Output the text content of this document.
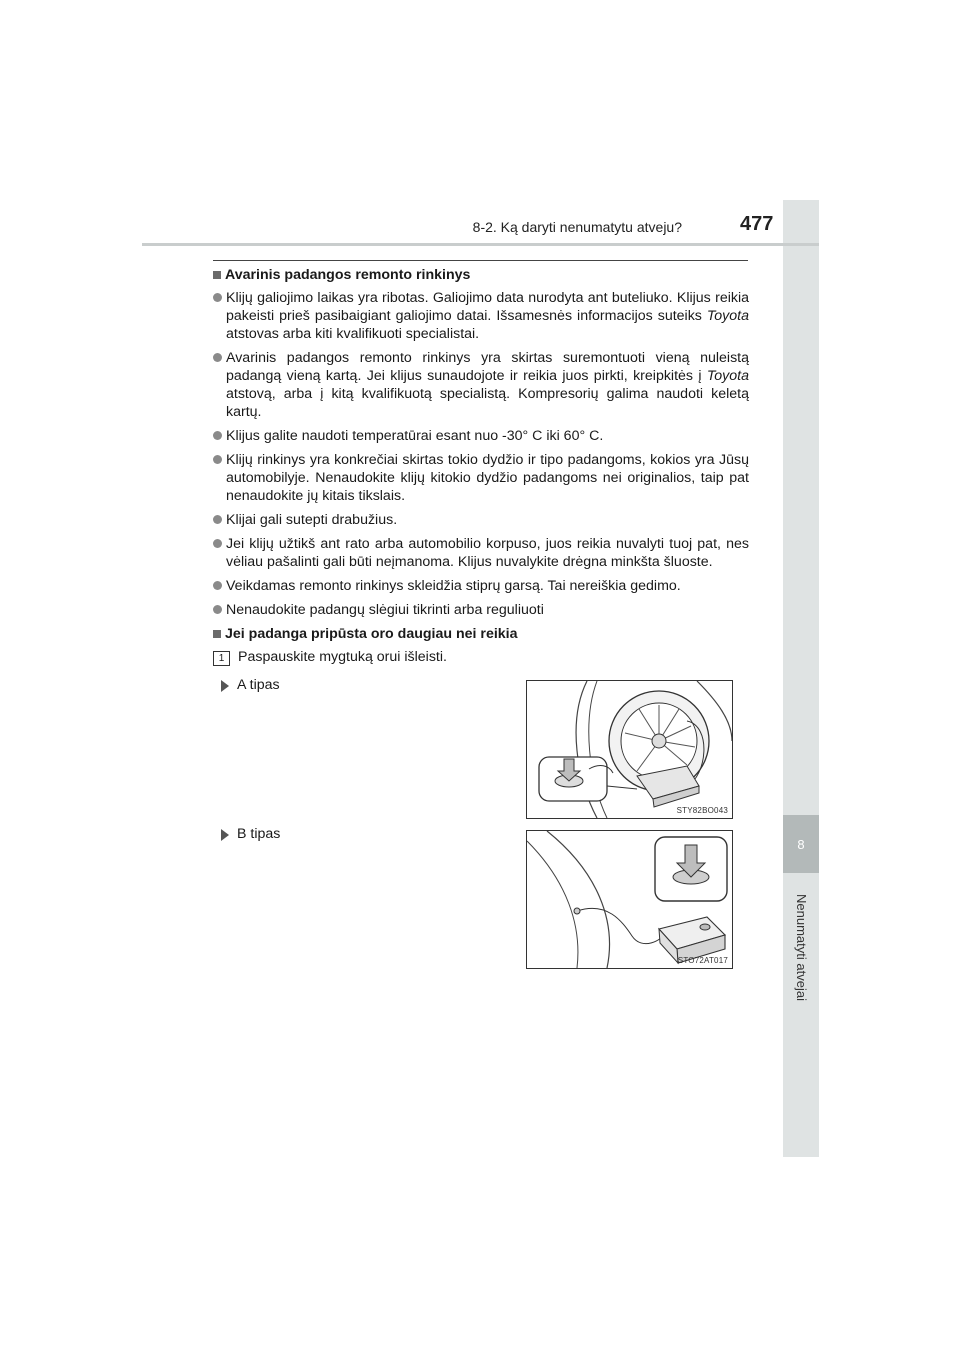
8
Nenumatyti atvejai
8-2. Ką daryti nenumatytu atveju?	477
Avarinis padangos remonto rinkinys
Klijų galiojimo laikas yra ribotas. Galiojimo data nurodyta ant buteliuko. Klijus reikia pakeisti prieš pasibaigiant galiojimo datai. Išsamesnės informacijos suteiks Toyota atstovas arba kiti kvalifikuoti specialistai.
Avarinis padangos remonto rinkinys yra skirtas suremontuoti vieną nuleistą padangą vieną kartą. Jei klijus sunaudojote ir reikia juos pirkti, kreipkitės į Toyota atstovą, arba į kitą kvalifikuotą specialistą. Kompresorių galima naudoti keletą kartų.
Klijus galite naudoti temperatūrai esant nuo -30° C iki 60° C.
Klijų rinkinys yra konkrečiai skirtas tokio dydžio ir tipo padangoms, kokios yra Jūsų automobilyje. Nenaudokite klijų kitokio dydžio padangoms nei originalios, taip pat nenaudokite jų kitais tikslais.
Klijai gali sutepti drabužius.
Jei klijų užtikš ant rato arba automobilio korpuso, juos reikia nuvalyti tuoj pat, nes vėliau pašalinti gali būti neįmanoma. Klijus nuvalykite drėgna minkšta šluoste.
Veikdamas remonto rinkinys skleidžia stiprų garsą. Tai nereiškia gedimo.
Nenaudokite padangų slėgiui tikrinti arba reguliuoti
Jei padanga pripūsta oro daugiau nei reikia
1 Paspauskite mygtuką orui išleisti.
A tipas
STY82BO043
B tipas
STO72AT017
